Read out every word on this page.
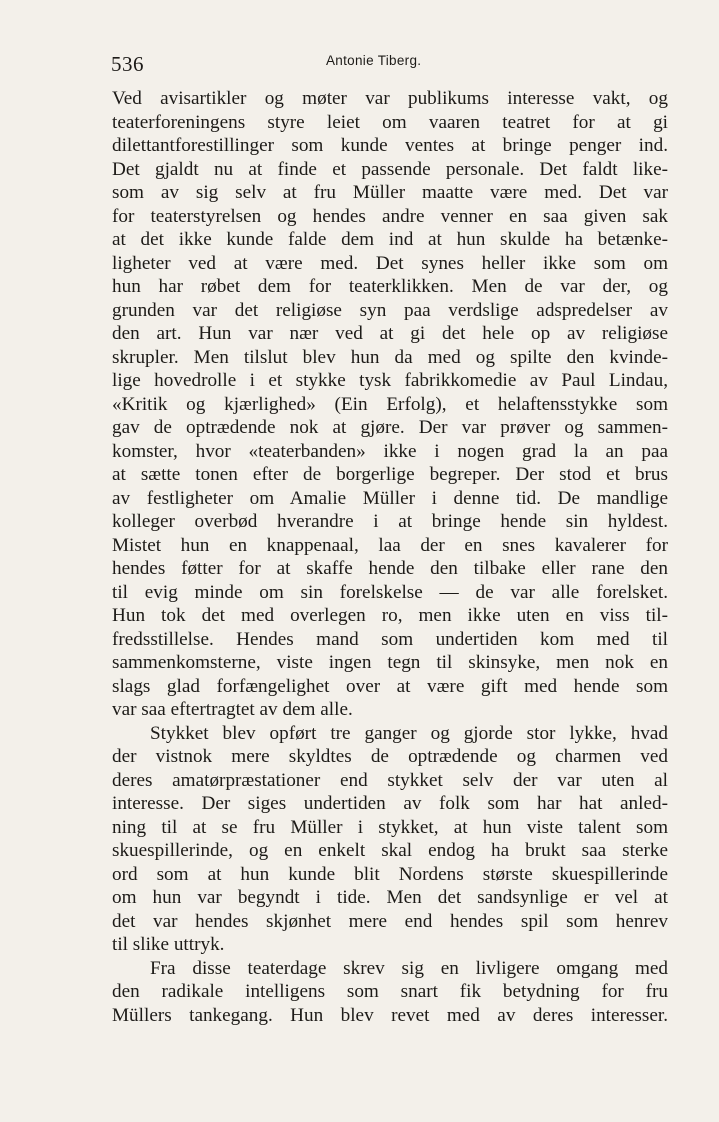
536	Antonie Tiberg.
Ved avisartikler og møter var publikums interesse vakt, og
teaterforeningens styre leiet om vaaren teatret for at gi
dilettantforestillinger som kunde ventes at bringe penger ind.
Det gjaldt nu at finde et passende personale. Det faldt like-
som av sig selv at fru Müller maatte være med. Det var
for teaterstyrelsen og hendes andre venner en saa given sak
at det ikke kunde falde dem ind at hun skulde ha betænke-
ligheter ved at være med. Det synes heller ikke som om
hun har røbet dem for teaterklikken. Men de var der, og
grunden var det religiøse syn paa verdslige adspredelser av
den art. Hun var nær ved at gi det hele op av religiøse
skrupler. Men tilslut blev hun da med og spilte den kvinde-
lige hovedrolle i et stykke tysk fabrikkomedie av Paul Lindau,
«Kritik og kjærlighed» (Ein Erfolg), et helaftensstykke som
gav de optrædende nok at gjøre. Der var prøver og sammen-
komster, hvor «teaterbanden» ikke i nogen grad la an paa
at sætte tonen efter de borgerlige begreper. Der stod et brus
av festligheter om Amalie Müller i denne tid. De mandlige
kolleger overbød hverandre i at bringe hende sin hyldest.
Mistet hun en knappenaal, laa der en snes kavalerer for
hendes føtter for at skaffe hende den tilbake eller rane den
til evig minde om sin forelskelse — de var alle forelsket.
Hun tok det med overlegen ro, men ikke uten en viss til-
fredsstillelse. Hendes mand som undertiden kom med til
sammenkomsterne, viste ingen tegn til skinsyke, men nok en
slags glad forfængelighet over at være gift med hende som
var saa eftertragtet av dem alle.
Stykket blev opført tre ganger og gjorde stor lykke, hvad
der vistnok mere skyldtes de optrædende og charmen ved
deres amatørpræstationer end stykket selv der var uten al
interesse. Der siges undertiden av folk som har hat anled-
ning til at se fru Müller i stykket, at hun viste talent som
skuespillerinde, og en enkelt skal endog ha brukt saa sterke
ord som at hun kunde blit Nordens største skuespillerinde
om hun var begyndt i tide. Men det sandsynlige er vel at
det var hendes skjønhet mere end hendes spil som henrev
til slike uttryk.
Fra disse teaterdage skrev sig en livligere omgang med
den radikale intelligens som snart fik betydning for fru
Müllers tankegang. Hun blev revet med av deres interesser.
